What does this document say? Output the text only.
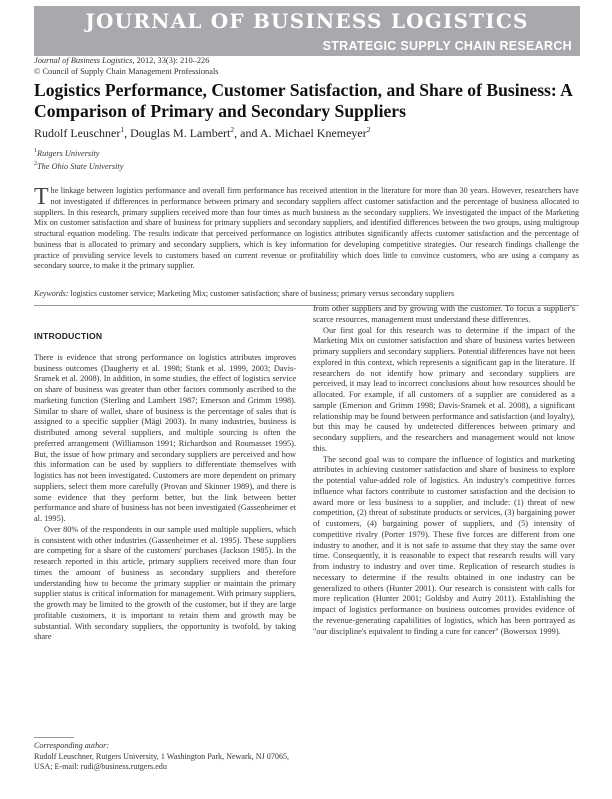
JOURNAL OF BUSINESS LOGISTICS
STRATEGIC SUPPLY CHAIN RESEARCH
Journal of Business Logistics, 2012, 33(3): 210–226
© Council of Supply Chain Management Professionals
Logistics Performance, Customer Satisfaction, and Share of Business: A Comparison of Primary and Secondary Suppliers
Rudolf Leuschner$^1$, Douglas M. Lambert$^2$, and A. Michael Knemeyer$^2$
$^1$Rutgers University
$^2$The Ohio State University
The linkage between logistics performance and overall firm performance has received attention in the literature for more than 30 years. However, researchers have not investigated if differences in performance between primary and secondary suppliers affect customer satisfaction and the percentage of business allocated to suppliers. In this research, primary suppliers received more than four times as much business as the secondary suppliers. We investigated the impact of the Marketing Mix on customer satisfaction and share of business for primary suppliers and secondary suppliers, and identified differences between the two groups, using multigroup structural equation modeling. The results indicate that perceived performance on logistics attributes significantly affects customer satisfaction and the percentage of business that is allocated to primary and secondary suppliers, which is key information for developing competitive strategies. Our research findings challenge the practice of providing service levels to customers based on current revenue or profitability which does little to convince customers, who are using a company as secondary source, to make it the primary supplier.
Keywords: logistics customer service; Marketing Mix; customer satisfaction; share of business; primary versus secondary suppliers
INTRODUCTION

There is evidence that strong performance on logistics attributes improves business outcomes (Daugherty et al. 1998; Stank et al. 1999, 2003; Davis-Sramek et al. 2008). In addition, in some studies, the effect of logistics service on share of business was greater than other factors commonly ascribed to the marketing function (Sterling and Lambert 1987; Emerson and Grimm 1998). Similar to share of wallet, share of business is the percentage of sales that is assigned to a specific supplier (Mägi 2003). In many industries, business is distributed among several suppliers, and multiple sourcing is often the preferred arrangement (Williamson 1991; Richardson and Roumasset 1995). But, the issue of how primary and secondary suppliers are perceived and how this information can be used by suppliers to differentiate themselves with logistics has not been investigated. Customers are more dependent on primary suppliers, select them more carefully (Provan and Skinner 1989), and there is some evidence that they perform better, but the link between better performance and share of business has not been investigated (Gassenheimer et al. 1995).

Over 80% of the respondents in our sample used multiple suppliers, which is consistent with other industries (Gassenheimer et al. 1995). These suppliers are competing for a share of the customers' purchases (Jackson 1985). In the research reported in this article, primary suppliers received more than four times the amount of business as secondary suppliers and therefore understanding how to become the primary supplier or maintain the primary supplier status is critical information for management. With primary suppliers, the growth may be limited to the growth of the customer, but if they are large profitable customers, it is important to retain them and growth may be substantial. With secondary suppliers, the opportunity is twofold, by taking share

from other suppliers and by growing with the customer. To focus a supplier's scarce resources, management must understand these differences.

Our first goal for this research was to determine if the impact of the Marketing Mix on customer satisfaction and share of business varies between primary suppliers and secondary suppliers. Potential differences have not been explored in this context, which represents a significant gap in the literature. If researchers do not identify how primary and secondary suppliers are perceived, it may lead to incorrect conclusions about how resources should be allocated. For example, if all customers of a supplier are considered as a sample (Emerson and Grimm 1998; Davis-Sramek et al. 2008), a significant relationship may be found between performance and satisfaction (and loyalty), but this may be caused by undetected differences between primary and secondary suppliers, and the researchers and management would not know this.

The second goal was to compare the influence of logistics and marketing attributes in achieving customer satisfaction and share of business to explore the potential value-added role of logistics. An industry's competitive forces influence what factors contribute to customer satisfaction and the decision to award more or less business to a supplier, and include: (1) threat of new competition, (2) threat of substitute products or services, (3) bargaining power of customers, (4) bargaining power of suppliers, and (5) intensity of competitive rivalry (Porter 1979). These five forces are different from one industry to another, and it is not safe to assume that they stay the same over time. Consequently, it is reasonable to expect that research results will vary from industry to industry and over time. Replication of research studies is necessary to determine if the results obtained in one industry can be generalized to others (Hunter 2001). Our research is consistent with calls for more replication (Hunter 2001; Goldsby and Autry 2011). Establishing the impact of logistics performance on business outcomes provides evidence of the revenue-generating capabilities of logistics, which has been portrayed as "our discipline's equivalent to finding a cure for cancer" (Bowersox 1999).

Corresponding author:
Rudolf Leuschner, Rutgers University, 1 Washington Park, Newark, NJ 07065, USA; E-mail: rudi@business.rutgers.edu
